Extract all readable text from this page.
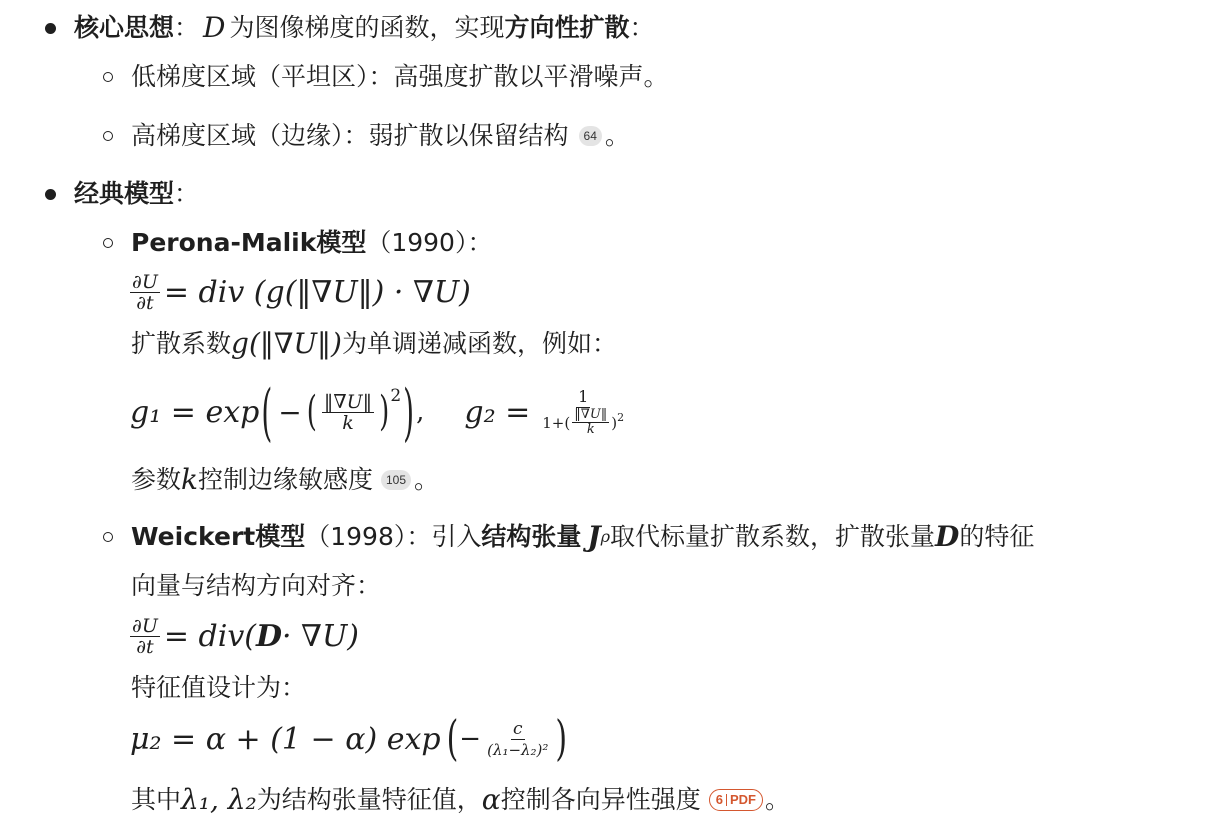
核心思想 ： D 为图像梯度的函数，实现 方向性扩散 ：
低梯度区域（平坦区）：高强度扩散以平滑噪声。
高梯度区域（边缘）：弱扩散以保留结构	64 。
经典模型 ：
Perona-Malik模型 （1990）：
$\frac{\partial U}{\partial t}$ = div (g(‖∇U‖) · ∇U)
扩散系数 g(‖∇U‖) 为单调递减函数，例如：
g₁ = exp ( − ( $\frac{‖\nabla U‖}{k}$ ) 2 ) , g₂ =	1
1+ ( $\frac{‖\nabla U‖}{k}$ ) 2
参数 k 控制边缘敏感度	105 。
Weickert模型 （1998）：引入 结构张量 J ρ 取代标量扩散系数，扩散张量 D 的特征
向量与结构方向对齐：
$\frac{\partial U}{\partial t} = div$( D · ∇U)
特征值设计为：
μ₂ = α + (1 − α) exp ( − $\frac{c}{\text{(λ₁−λ₂)²}}$ )
其中 λ₁, λ₂ 为结构张量特征值， α 控制各向异性强度 6 PDF 。
